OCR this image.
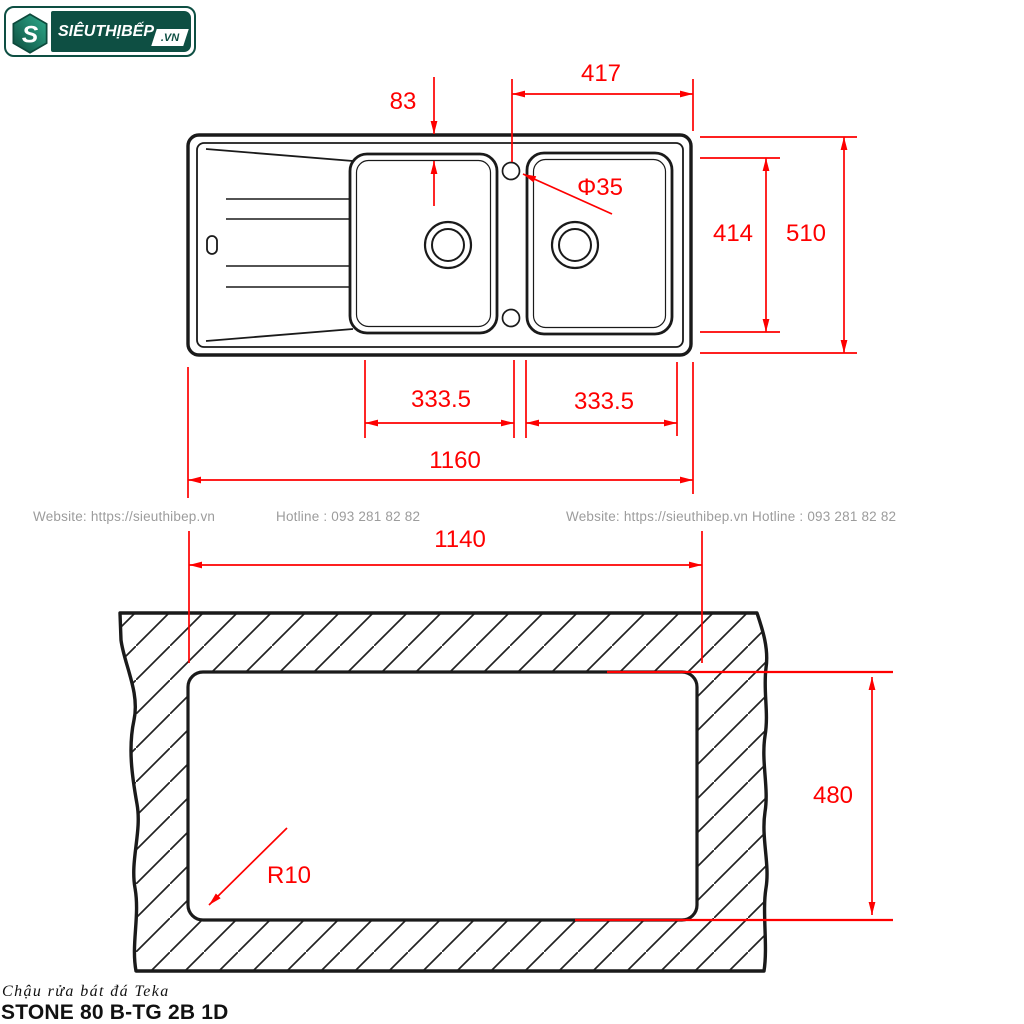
83
417
Φ35
414 510
333.5	333.5
1160
1140
480
R10
Website: https://sieuthibep.vn	Hotline : 093 281 82 82	Website: https://sieuthibep.vn Hotline : 093 281 82 82
Chậu rửa bát đá Teka
STONE 80 B-TG 2B 1D
S SIÊUTHỊBẾP .VN
